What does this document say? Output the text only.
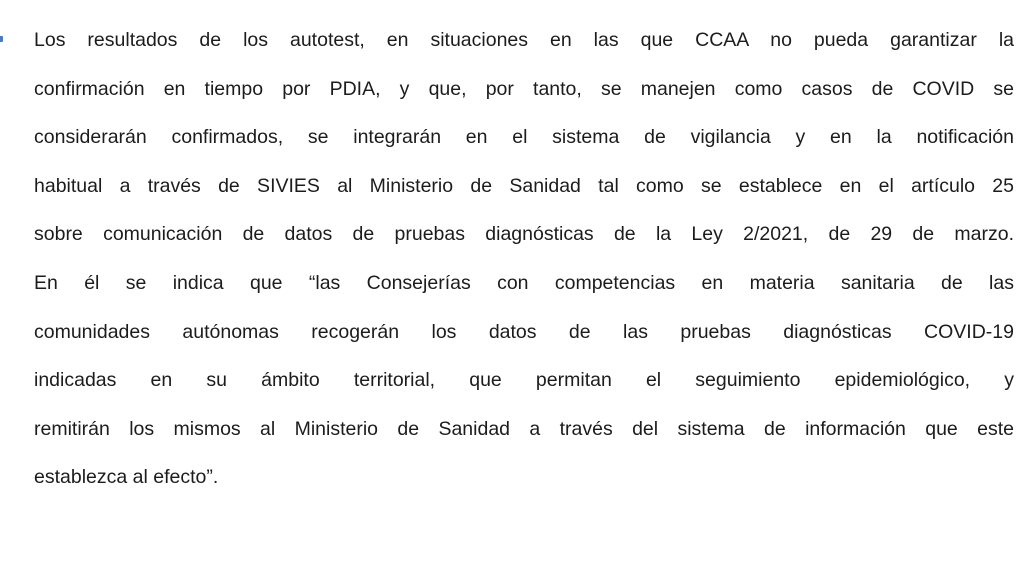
Los resultados de los autotest, en situaciones en las que CCAA no pueda garantizar la
confirmación en tiempo por PDIA, y que, por tanto, se manejen como casos de COVID se
considerarán confirmados, se integrarán en el sistema de vigilancia y en la notificación
habitual a través de SIVIES al Ministerio de Sanidad tal como se establece en el artículo 25
sobre comunicación de datos de pruebas diagnósticas de la Ley 2/2021, de 29 de marzo.
En él se indica que “las Consejerías con competencias en materia sanitaria de las
comunidades autónomas recogerán los datos de las pruebas diagnósticas COVID-19
indicadas en su ámbito territorial, que permitan el seguimiento epidemiológico, y
remitirán los mismos al Ministerio de Sanidad a través del sistema de información que este
establezca al efecto”.
